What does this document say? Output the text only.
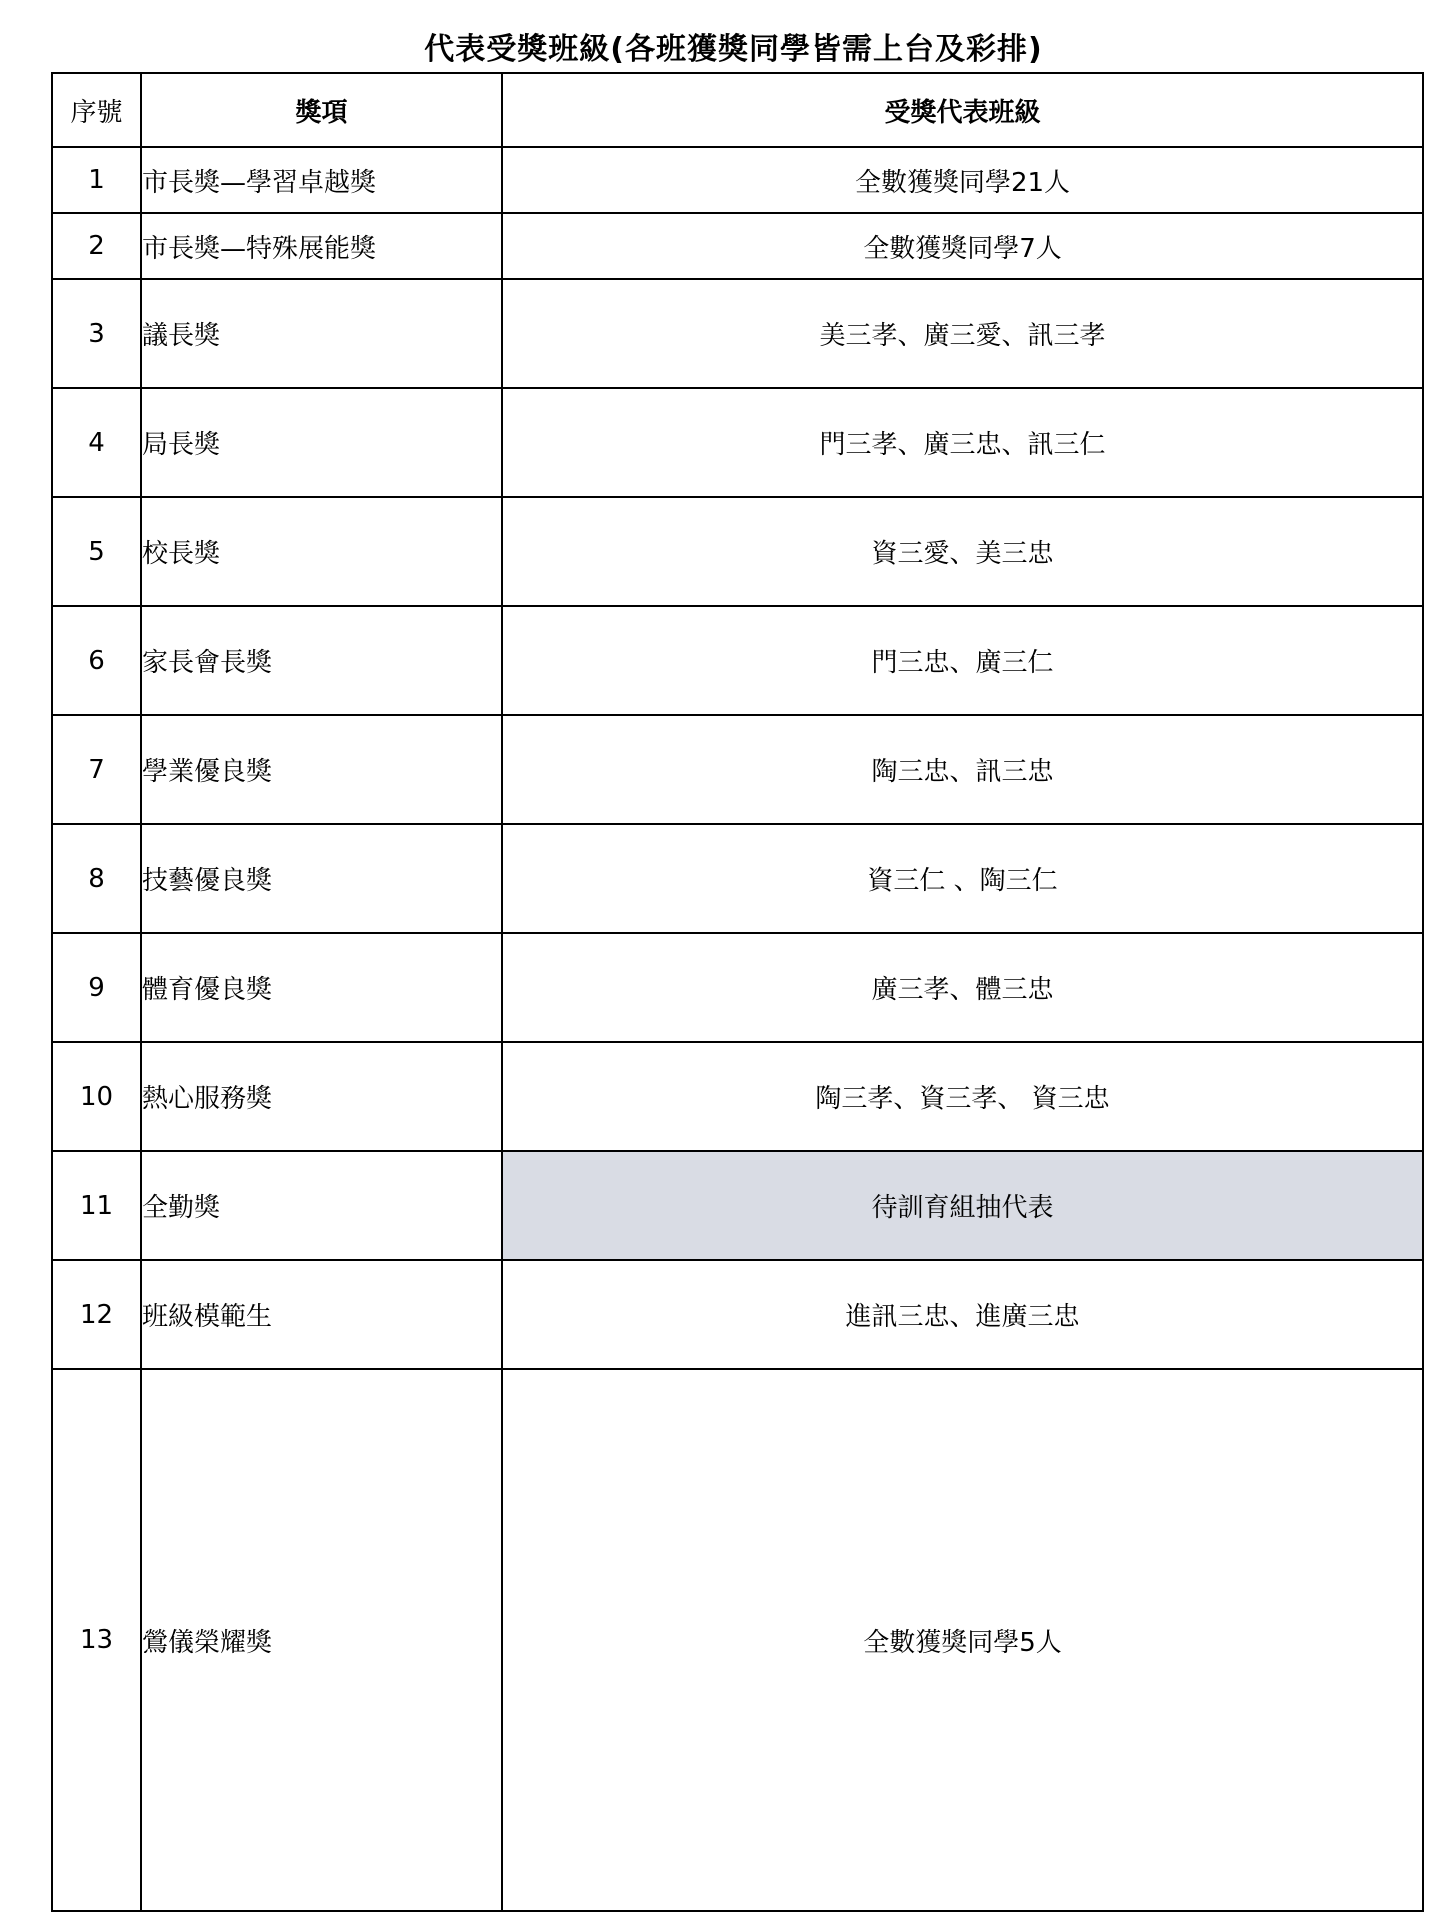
代表受獎班級(各班獲獎同學皆需上台及彩排)
序號	獎項	受獎代表班級
1	市長獎—學習卓越獎	全數獲獎同學21人
2	市長獎—特殊展能獎	全數獲獎同學7人
3	議長獎	美三孝、廣三愛、訊三孝
4	局長獎	門三孝、廣三忠、訊三仁
5	校長獎	資三愛、美三忠
6	家長會長獎	門三忠、廣三仁
7	學業優良獎	陶三忠、訊三忠
8	技藝優良獎	資三仁 、陶三仁
9	體育優良獎	廣三孝、體三忠
10	熱心服務獎	陶三孝、資三孝、 資三忠
11	全勤獎	待訓育組抽代表
12	班級模範生	進訊三忠、進廣三忠
13	鶯儀榮耀獎	全數獲獎同學5人
